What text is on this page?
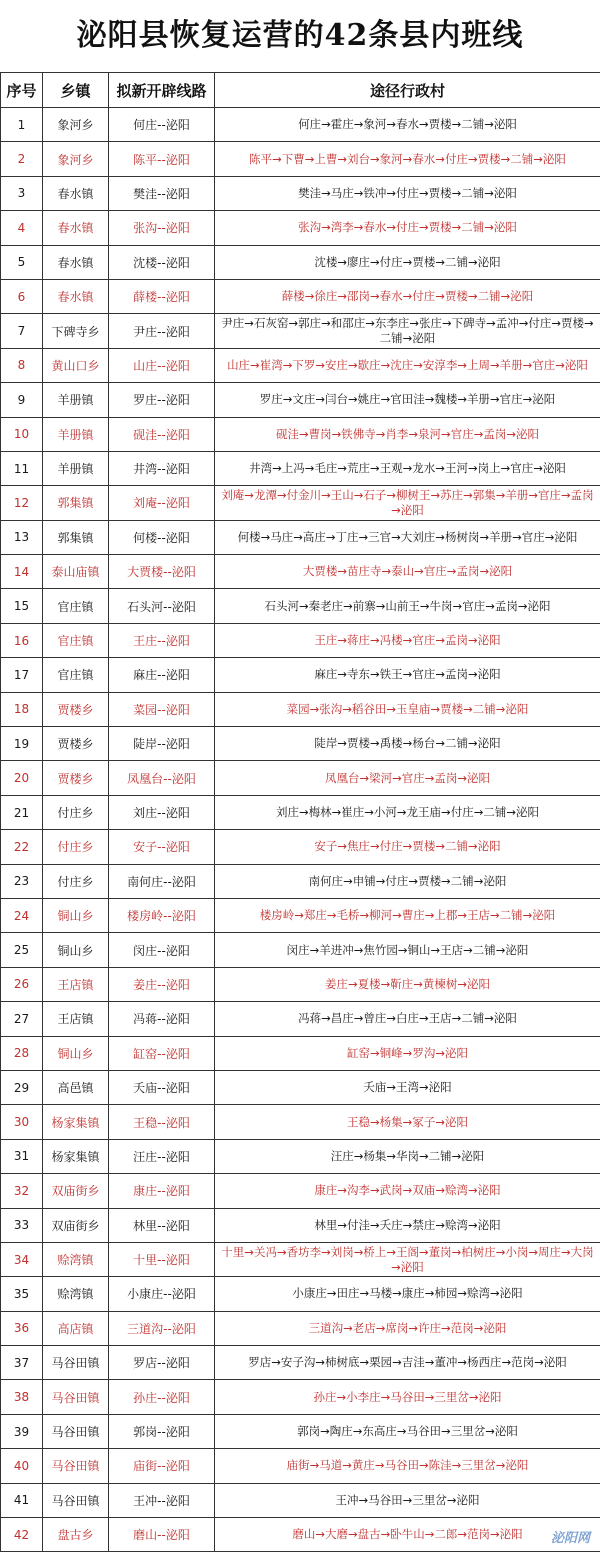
泌阳县恢复运营的42条县内班线
序号	乡镇	拟新开辟线路	途径行政村
1	象河乡	何庄--泌阳	何庄→霍庄→象河→春水→贾楼→二铺→泌阳
2	象河乡	陈平--泌阳	陈平→下曹→上曹→刘台→象河→春水→付庄→贾楼→二铺→泌阳
3	春水镇	樊洼--泌阳	樊洼→马庄→铁冲→付庄→贾楼→二铺→泌阳
4	春水镇	张沟--泌阳	张沟→湾李→春水→付庄→贾楼→二铺→泌阳
5	春水镇	沈楼--泌阳	沈楼→廖庄→付庄→贾楼→二铺→泌阳
6	春水镇	薛楼--泌阳	薛楼→徐庄→邵岗→春水→付庄→贾楼→二铺→泌阳
7	下碑寺乡	尹庄--泌阳	尹庄→石灰窑→郭庄→和邵庄→东李庄→张庄→下碑寺→孟冲→付庄→贾楼→二铺→泌阳
8	黄山口乡	山庄--泌阳	山庄→崔湾→下罗→安庄→歇庄→沈庄→安淳李→上周→羊册→官庄→泌阳
9	羊册镇	罗庄--泌阳	罗庄→文庄→闫台→姚庄→官田洼→魏楼→羊册→官庄→泌阳
10	羊册镇	砚洼--泌阳	砚洼→曹岗→铁佛寺→肖李→泉河→官庄→孟岗→泌阳
11	羊册镇	井湾--泌阳	井湾→上冯→毛庄→荒庄→王观→龙水→王河→岗上→官庄→泌阳
12	郭集镇	刘庵--泌阳	刘庵→龙潭→付金川→王山→石子→柳树王→苏庄→郭集→羊册→官庄→孟岗→泌阳
13	郭集镇	何楼--泌阳	何楼→马庄→高庄→丁庄→三官→大刘庄→杨树岗→羊册→官庄→泌阳
14	泰山庙镇	大贾楼--泌阳	大贾楼→苗庄寺→泰山→官庄→孟岗→泌阳
15	官庄镇	石头河--泌阳	石头河→秦老庄→前寨→山前王→牛岗→官庄→孟岗→泌阳
16	官庄镇	王庄--泌阳	王庄→蒋庄→冯楼→官庄→孟岗→泌阳
17	官庄镇	麻庄--泌阳	麻庄→寺东→铁王→官庄→孟岗→泌阳
18	贾楼乡	菜园--泌阳	菜园→张沟→稻谷田→玉皇庙→贾楼→二铺→泌阳
19	贾楼乡	陡岸--泌阳	陡岸→贾楼→禹楼→杨台→二铺→泌阳
20	贾楼乡	凤凰台--泌阳	凤凰台→梁河→官庄→孟岗→泌阳
21	付庄乡	刘庄--泌阳	刘庄→梅林→崔庄→小河→龙王庙→付庄→二铺→泌阳
22	付庄乡	安子--泌阳	安子→焦庄→付庄→贾楼→二铺→泌阳
23	付庄乡	南何庄--泌阳	南何庄→申铺→付庄→贾楼→二铺→泌阳
24	铜山乡	楼房岭--泌阳	楼房岭→郑庄→毛桥→柳河→曹庄→上郡→王店→二铺→泌阳
25	铜山乡	闵庄--泌阳	闵庄→羊进冲→焦竹园→铜山→王店→二铺→泌阳
26	王店镇	姜庄--泌阳	姜庄→夏楼→靳庄→黄楝树→泌阳
27	王店镇	冯蒋--泌阳	冯蒋→昌庄→曾庄→白庄→王店→二铺→泌阳
28	铜山乡	缸窑--泌阳	缸窑→铜峰→罗沟→泌阳
29	高邑镇	夭庙--泌阳	夭庙→王湾→泌阳
30	杨家集镇	王稳--泌阳	王稳→杨集→冢子→泌阳
31	杨家集镇	汪庄--泌阳	汪庄→杨集→华岗→二铺→泌阳
32	双庙街乡	康庄--泌阳	康庄→沟李→武岗→双庙→赊湾→泌阳
33	双庙街乡	林里--泌阳	林里→付洼→夭庄→禁庄→赊湾→泌阳
34	赊湾镇	十里--泌阳	十里→关冯→香坊李→刘岗→桥上→王阁→董岗→柏树庄→小岗→周庄→大岗→泌阳
35	赊湾镇	小康庄--泌阳	小康庄→田庄→马楼→康庄→柿园→赊湾→泌阳
36	高店镇	三道沟--泌阳	三道沟→老店→席岗→许庄→范岗→泌阳
37	马谷田镇	罗店--泌阳	罗店→安子沟→柿树底→栗园→吉洼→董冲→杨西庄→范岗→泌阳
38	马谷田镇	孙庄--泌阳	孙庄→小李庄→马谷田→三里岔→泌阳
39	马谷田镇	郭岗--泌阳	郭岗→陶庄→东高庄→马谷田→三里岔→泌阳
40	马谷田镇	庙街--泌阳	庙街→马道→黄庄→马谷田→陈洼→三里岔→泌阳
41	马谷田镇	王冲--泌阳	王冲→马谷田→三里岔→泌阳
42	盘古乡	磨山--泌阳	磨山→大磨→盘古→卧牛山→二郎→范岗→泌阳 泌阳网
